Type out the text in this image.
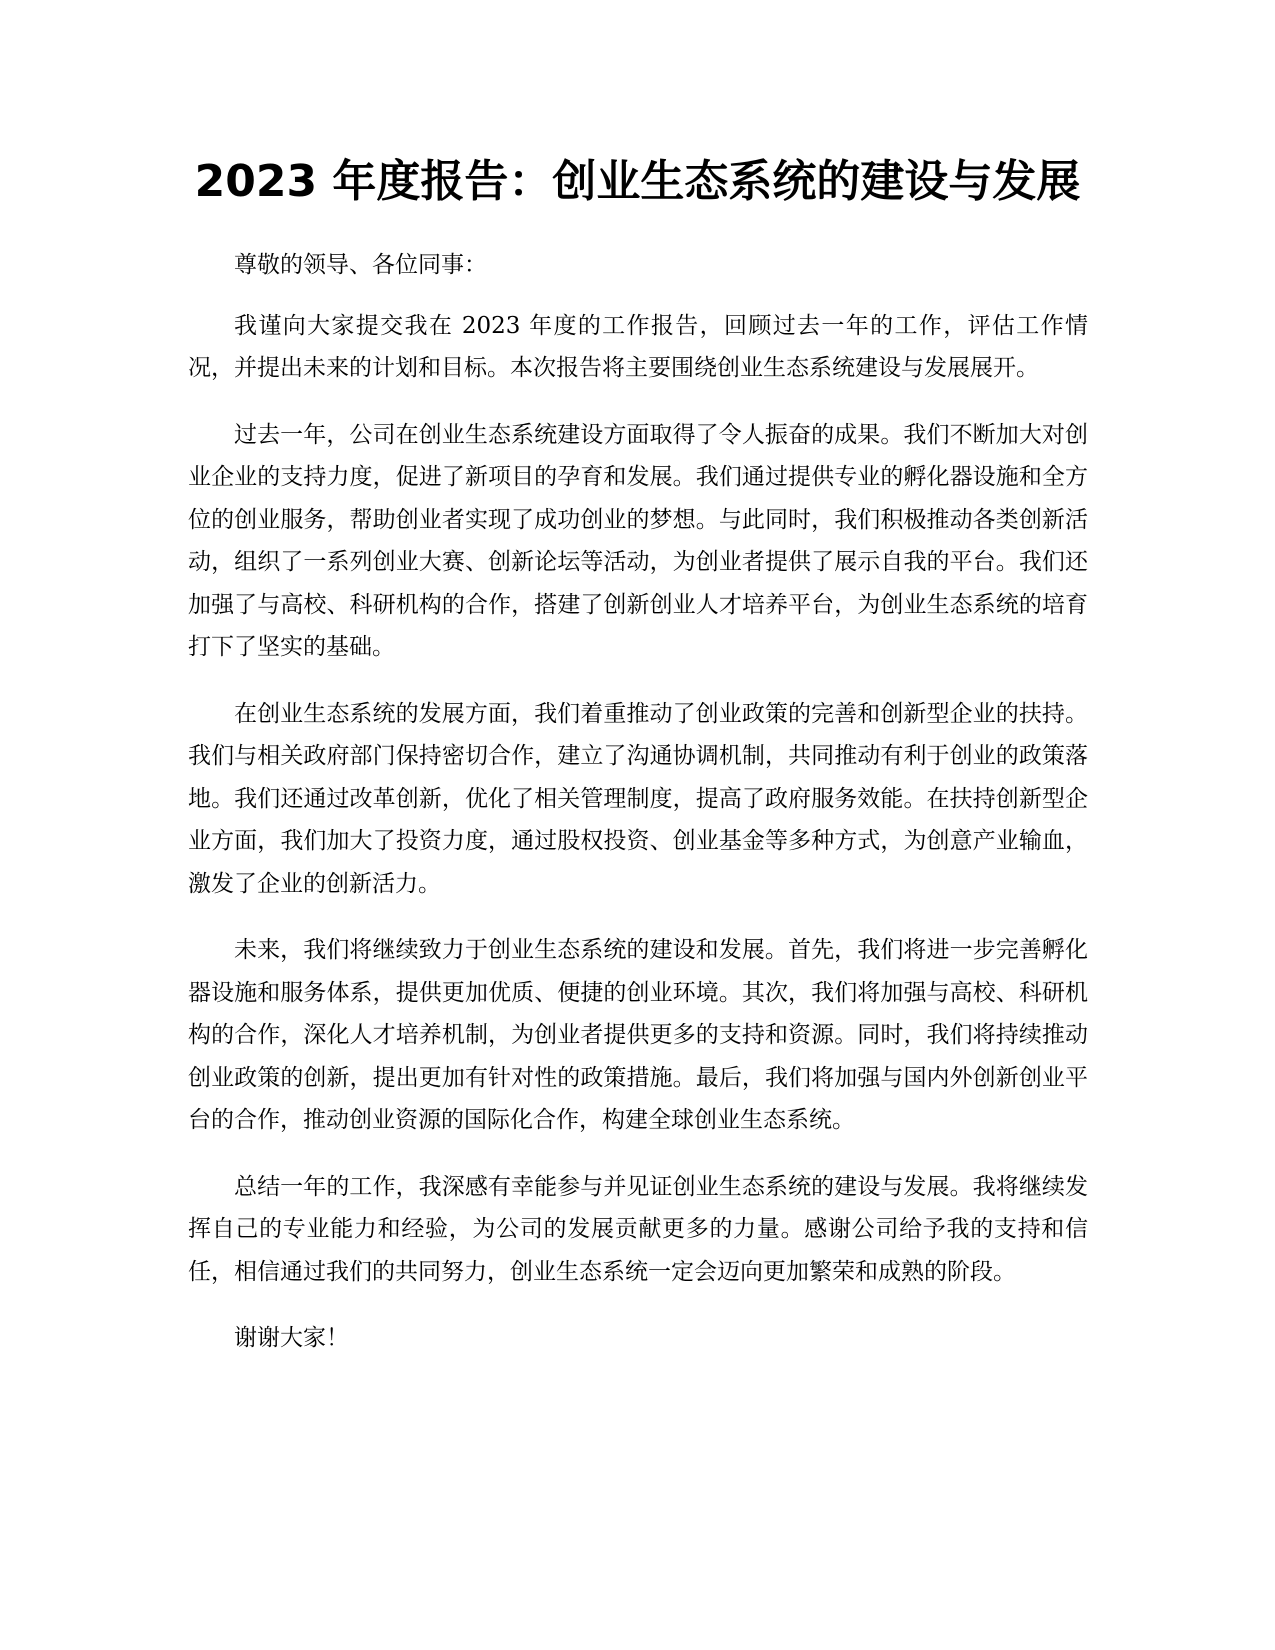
2023 年度报告：创业生态系统的建设与发展

尊敬的领导、各位同事：

我谨向大家提交我在 2023 年度的工作报告，回顾过去一年的工作，评估工作情况，并提出未来的计划和目标。本次报告将主要围绕创业生态系统建设与发展展开。

过去一年，公司在创业生态系统建设方面取得了令人振奋的成果。我们不断加大对创业企业的支持力度，促进了新项目的孕育和发展。我们通过提供专业的孵化器设施和全方位的创业服务，帮助创业者实现了成功创业的梦想。与此同时，我们积极推动各类创新活动，组织了一系列创业大赛、创新论坛等活动，为创业者提供了展示自我的平台。我们还加强了与高校、科研机构的合作，搭建了创新创业人才培养平台，为创业生态系统的培育打下了坚实的基础。

在创业生态系统的发展方面，我们着重推动了创业政策的完善和创新型企业的扶持。我们与相关政府部门保持密切合作，建立了沟通协调机制，共同推动有利于创业的政策落地。我们还通过改革创新，优化了相关管理制度，提高了政府服务效能。在扶持创新型企业方面，我们加大了投资力度，通过股权投资、创业基金等多种方式，为创意产业输血，激发了企业的创新活力。

未来，我们将继续致力于创业生态系统的建设和发展。首先，我们将进一步完善孵化器设施和服务体系，提供更加优质、便捷的创业环境。其次，我们将加强与高校、科研机构的合作，深化人才培养机制，为创业者提供更多的支持和资源。同时，我们将持续推动创业政策的创新，提出更加有针对性的政策措施。最后，我们将加强与国内外创新创业平台的合作，推动创业资源的国际化合作，构建全球创业生态系统。

总结一年的工作，我深感有幸能参与并见证创业生态系统的建设与发展。我将继续发挥自己的专业能力和经验，为公司的发展贡献更多的力量。感谢公司给予我的支持和信任，相信通过我们的共同努力，创业生态系统一定会迈向更加繁荣和成熟的阶段。

谢谢大家！
